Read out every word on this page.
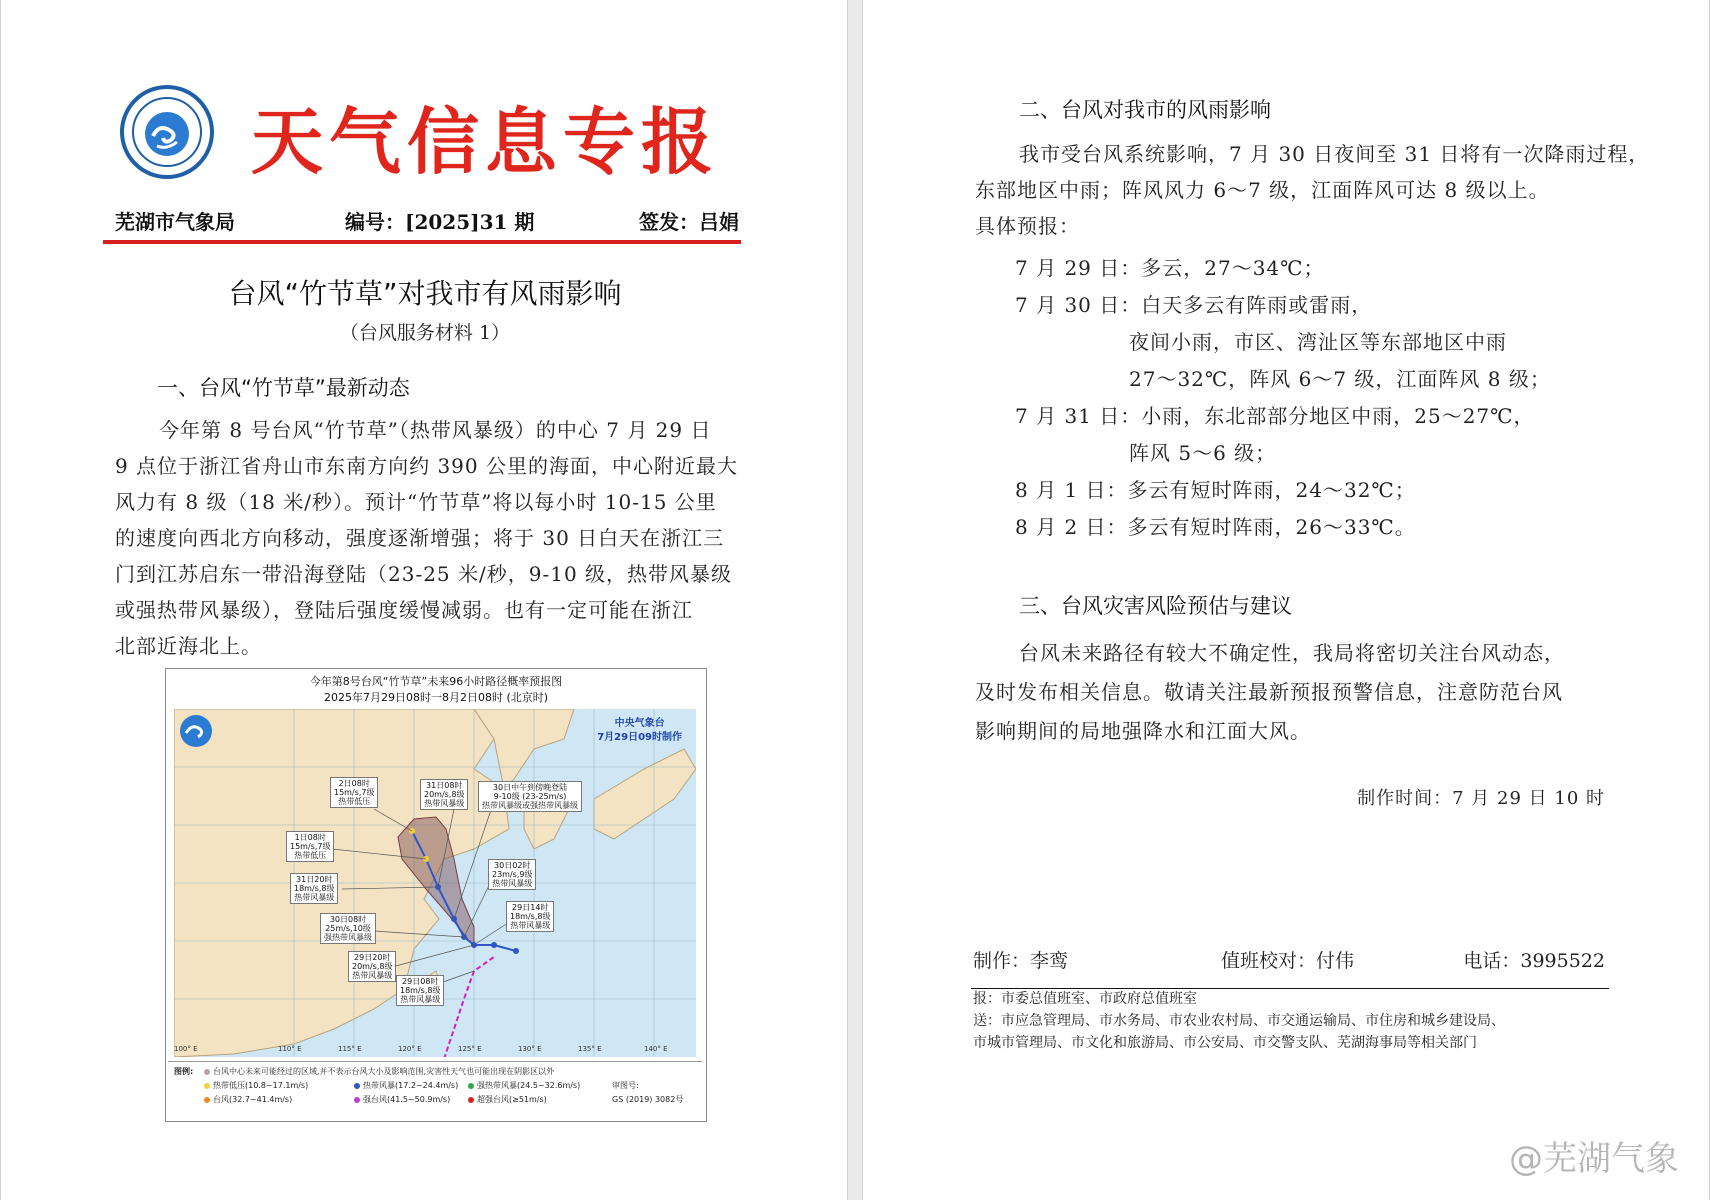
天气信息专报
芜湖市气象局	编号：[2025]31 期	签发：吕娟
台风“竹节草”对我市有风雨影响
（台风服务材料 1）
一、台风“竹节草”最新动态
今年第 8 号台风“竹节草”（热带风暴级）的中心 7 月 29 日
9 点位于浙江省舟山市东南方向约 390 公里的海面，中心附近最大
风力有 8 级（18 米/秒）。预计“竹节草”将以每小时 10-15 公里
的速度向西北方向移动，强度逐渐增强；将于 30 日白天在浙江三
门到江苏启东一带沿海登陆（23-25 米/秒，9-10 级，热带风暴级
或强热带风暴级），登陆后强度缓慢减弱。也有一定可能在浙江
北部近海北上。
今年第8号台风“竹节草”未来96小时路径概率预报图
2025年7月29日08时一8月2日08时 (北京时)
中央气象台
7月29日09时制作
2日08时
15m/s,7级
热带低压
31日08时
20m/s,8级
热带风暴级
30日中午到傍晚登陆
9-10级 (23-25m/s)
热带风暴级或强热带风暴级
1日08时
15m/s,7级
热带低压
30日02时
23m/s,9级
热带风暴级
31日20时
18m/s,8级
热带风暴级
29日14时
18m/s,8级
热带风暴级
30日08时
25m/s,10级
强热带风暴级
29日20时
20m/s,8级
热带风暴级
29日08时
18m/s,8级
热带风暴级
100° E	110° E	115° E	120° E	125° E	130° E	135° E	140° E
图例:	台风中心未来可能经过的区域,并不表示台风大小及影响范围,灾害性天气也可能出现在阴影区以外
热带低压(10.8~17.1m/s)	热带风暴(17.2~24.4m/s)	强热带风暴(24.5~32.6m/s)
台风(32.7~41.4m/s)	强台风(41.5~50.9m/s)	超强台风(≥51m/s)
审图号:
GS (2019) 3082号
二、台风对我市的风雨影响
我市受台风系统影响，7 月 30 日夜间至 31 日将有一次降雨过程，
东部地区中雨；阵风风力 6～7 级，江面阵风可达 8 级以上。
具体预报：
7 月 29 日：多云，27～34℃；
7 月 30 日：白天多云有阵雨或雷雨，
夜间小雨，市区、湾沚区等东部地区中雨
27～32℃，阵风 6～7 级，江面阵风 8 级；
7 月 31 日：小雨，东北部部分地区中雨，25～27℃，
阵风 5～6 级；
8 月 1 日：多云有短时阵雨，24～32℃；
8 月 2 日：多云有短时阵雨，26～33℃。
三、台风灾害风险预估与建议
台风未来路径有较大不确定性，我局将密切关注台风动态，
及时发布相关信息。敬请关注最新预报预警信息，注意防范台风
影响期间的局地强降水和江面大风。
制作时间：7 月 29 日 10 时
制作：李鸾	值班校对：付伟	电话：3995522
报：市委总值班室、市政府总值班室
送：市应急管理局、市水务局、市农业农村局、市交通运输局、市住房和城乡建设局、
市城市管理局、市文化和旅游局、市公安局、市交警支队、芜湖海事局等相关部门
@芜湖气象
